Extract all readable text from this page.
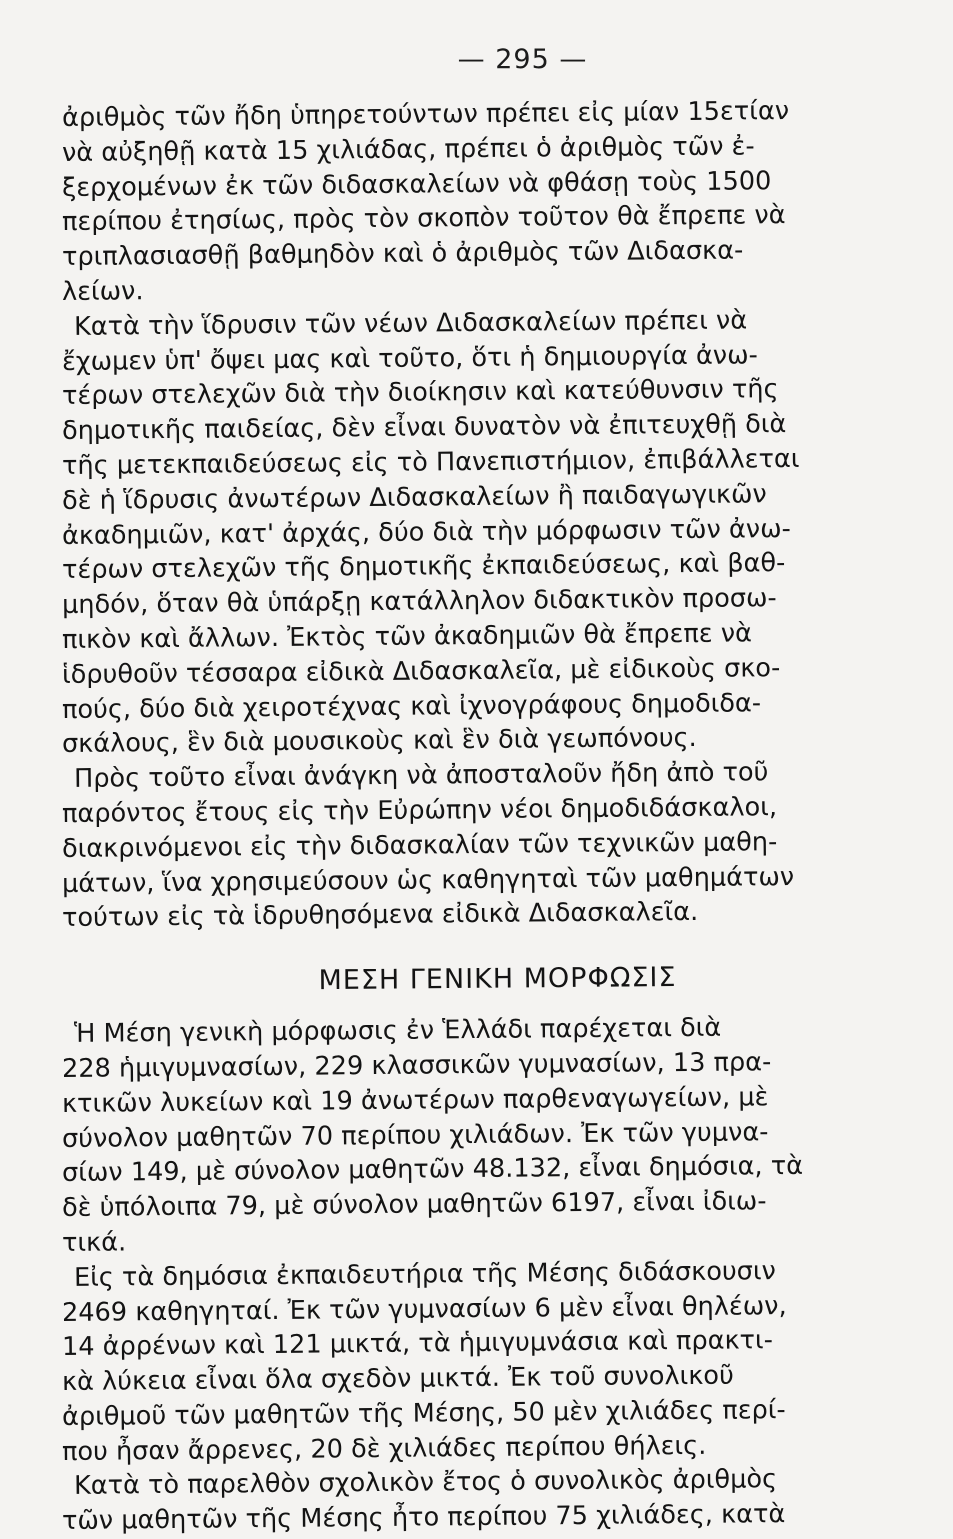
— 295 —
ἀριθμὸς τῶν ἤδη ὑπηρετούντων πρέπει εἰς μίαν 15ετίαν
νὰ αὐξηθῇ κατὰ 15 χιλιάδας, πρέπει ὁ ἀριθμὸς τῶν ἐ-
ξερχομένων ἐκ τῶν διδασκαλείων νὰ φθάσῃ τοὺς 1500
περίπου ἐτησίως, πρὸς τὸν σκοπὸν τοῦτον θὰ ἔπρεπε νὰ
τριπλασιασθῇ βαθμηδὸν καὶ ὁ ἀριθμὸς τῶν Διδασκα-
λείων.
Κατὰ τὴν ἵδρυσιν τῶν νέων Διδασκαλείων πρέπει νὰ
ἔχωμεν ὑπ' ὄψει μας καὶ τοῦτο, ὅτι ἡ δημιουργία ἀνω-
τέρων στελεχῶν διὰ τὴν διοίκησιν καὶ κατεύθυνσιν τῆς
δημοτικῆς παιδείας, δὲν εἶναι δυνατὸν νὰ ἐπιτευχθῇ διὰ
τῆς μετεκπαιδεύσεως εἰς τὸ Πανεπιστήμιον, ἐπιβάλλεται
δὲ ἡ ἵδρυσις ἀνωτέρων Διδασκαλείων ἢ παιδαγωγικῶν
ἀκαδημιῶν, κατ' ἀρχάς, δύο διὰ τὴν μόρφωσιν τῶν ἀνω-
τέρων στελεχῶν τῆς δημοτικῆς ἐκπαιδεύσεως, καὶ βαθ-
μηδόν, ὅταν θὰ ὑπάρξῃ κατάλληλον διδακτικὸν προσω-
πικὸν καὶ ἄλλων. Ἐκτὸς τῶν ἀκαδημιῶν θὰ ἔπρεπε νὰ
ἱδρυθοῦν τέσσαρα εἰδικὰ Διδασκαλεῖα, μὲ εἰδικοὺς σκο-
πούς, δύο διὰ χειροτέχνας καὶ ἰχνογράφους δημοδιδα-
σκάλους, ἓν διὰ μουσικοὺς καὶ ἓν διὰ γεωπόνους.
Πρὸς τοῦτο εἶναι ἀνάγκη νὰ ἀποσταλοῦν ἤδη ἀπὸ τοῦ
παρόντος ἔτους εἰς τὴν Εὐρώπην νέοι δημοδιδάσκαλοι,
διακρινόμενοι εἰς τὴν διδασκαλίαν τῶν τεχνικῶν μαθη-
μάτων, ἵνα χρησιμεύσουν ὡς καθηγηταὶ τῶν μαθημάτων
τούτων εἰς τὰ ἱδρυθησόμενα εἰδικὰ Διδασκαλεῖα.
ΜΕΣΗ ΓΕΝΙΚΗ ΜΟΡΦΩΣΙΣ
Ἡ Μέση γενικὴ μόρφωσις ἐν Ἑλλάδι παρέχεται διὰ
228 ἡμιγυμνασίων, 229 κλασσικῶν γυμνασίων, 13 πρα-
κτικῶν λυκείων καὶ 19 ἀνωτέρων παρθεναγωγείων, μὲ
σύνολον μαθητῶν 70 περίπου χιλιάδων. Ἐκ τῶν γυμνα-
σίων 149, μὲ σύνολον μαθητῶν 48.132, εἶναι δημόσια, τὰ
δὲ ὑπόλοιπα 79, μὲ σύνολον μαθητῶν 6197, εἶναι ἰδιω-
τικά.
Εἰς τὰ δημόσια ἐκπαιδευτήρια τῆς Μέσης διδάσκουσιν
2469 καθηγηταί. Ἐκ τῶν γυμνασίων 6 μὲν εἶναι θηλέων,
14 ἀρρένων καὶ 121 μικτά, τὰ ἡμιγυμνάσια καὶ πρακτι-
κὰ λύκεια εἶναι ὅλα σχεδὸν μικτά. Ἐκ τοῦ συνολικοῦ
ἀριθμοῦ τῶν μαθητῶν τῆς Μέσης, 50 μὲν χιλιάδες περί-
που ἦσαν ἄρρενες, 20 δὲ χιλιάδες περίπου θήλεις.
Κατὰ τὸ παρελθὸν σχολικὸν ἔτος ὁ συνολικὸς ἀριθμὸς
τῶν μαθητῶν τῆς Μέσης ἦτο περίπου 75 χιλιάδες, κατὰ
